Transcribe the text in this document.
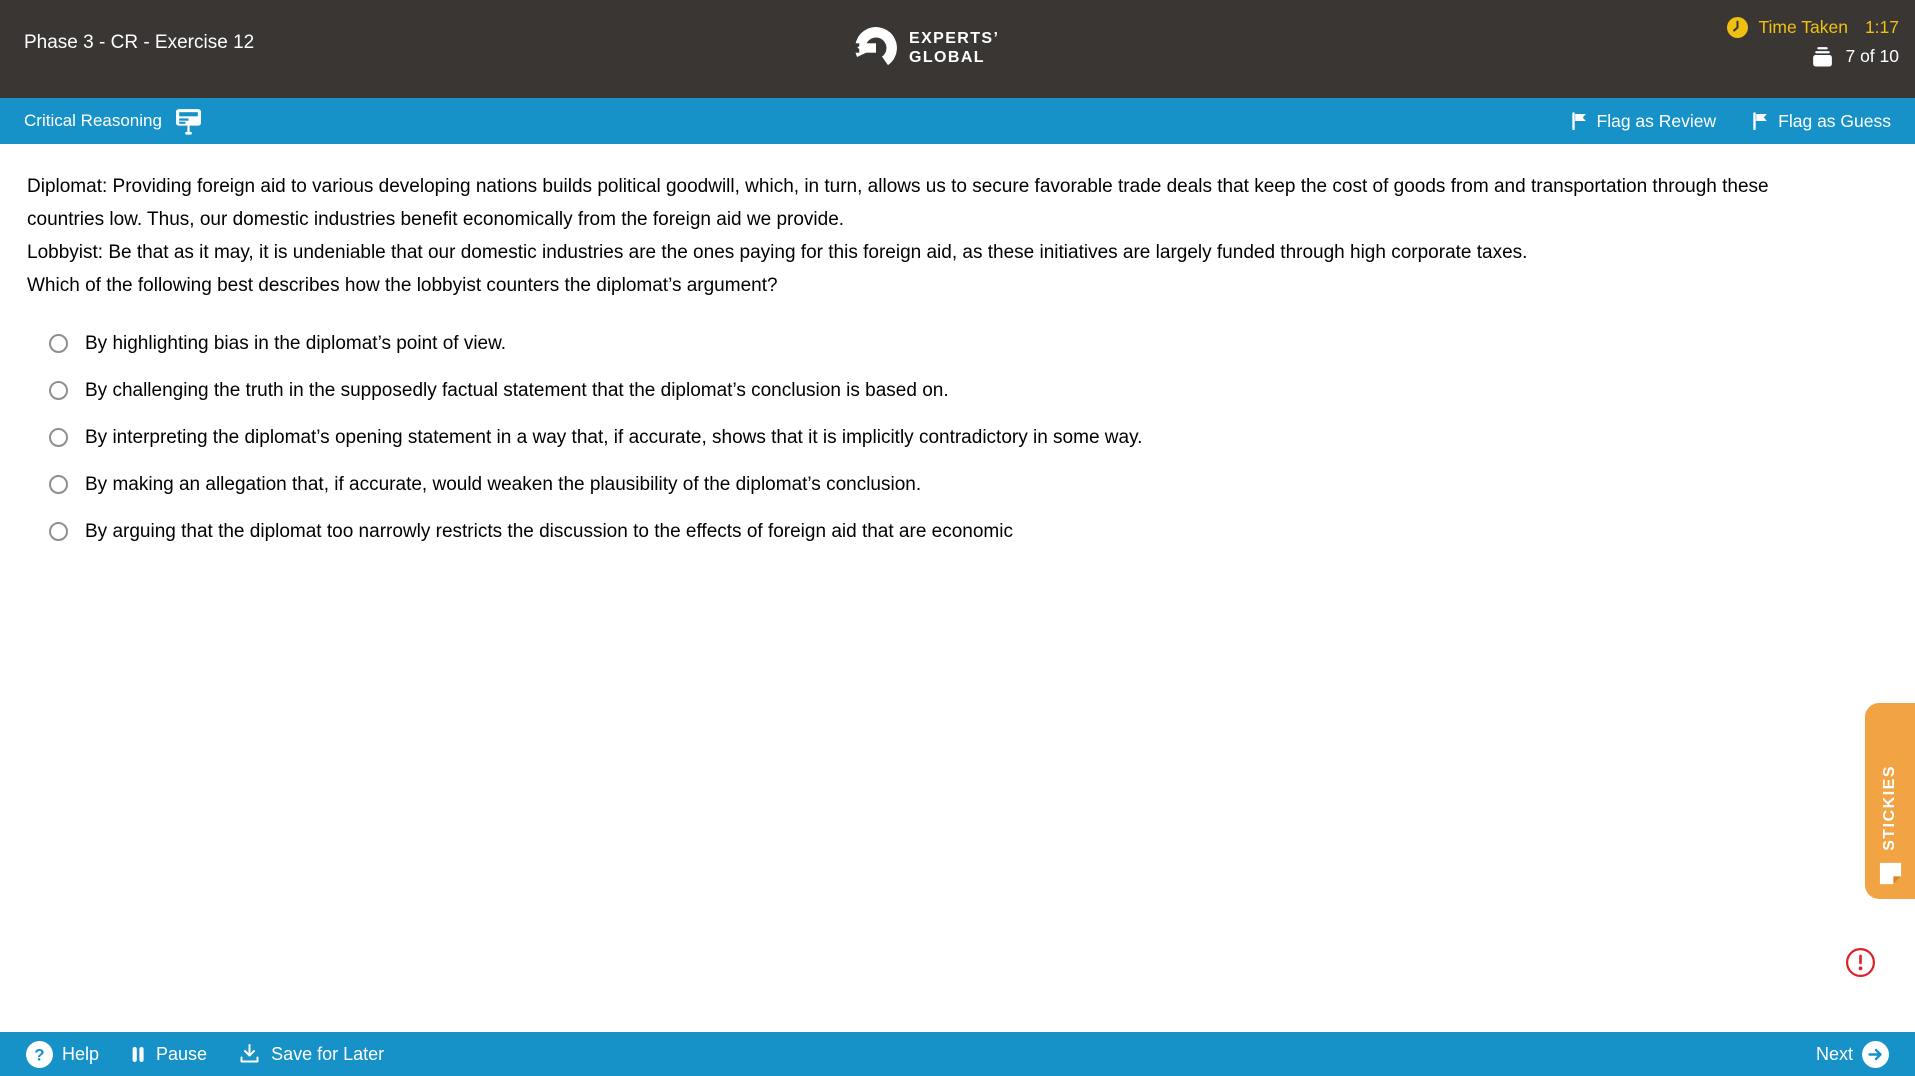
Phase 3 - CR - Exercise 12	EXPERTS’
GLOBAL
Time Taken 1:17
7 of 10
Critical Reasoning	Flag as Review	Flag as Guess

Diplomat: Providing foreign aid to various developing nations builds political goodwill, which, in turn, allows us to secure favorable trade deals that keep the cost of goods from and transportation through these countries low. Thus, our domestic industries benefit economically from the foreign aid we provide.

Lobbyist: Be that as it may, it is undeniable that our domestic industries are the ones paying for this foreign aid, as these initiatives are largely funded through high corporate taxes.

Which of the following best describes how the lobbyist counters the diplomat’s argument?

By highlighting bias in the diplomat’s point of view.
By challenging the truth in the supposedly factual statement that the diplomat’s conclusion is based on.
By interpreting the diplomat’s opening statement in a way that, if accurate, shows that it is implicitly contradictory in some way.
By making an allegation that, if accurate, would weaken the plausibility of the diplomat’s conclusion.
By arguing that the diplomat too narrowly restricts the discussion to the effects of foreign aid that are economic
STICKIES
? Help	Pause	Save for Later	Next
